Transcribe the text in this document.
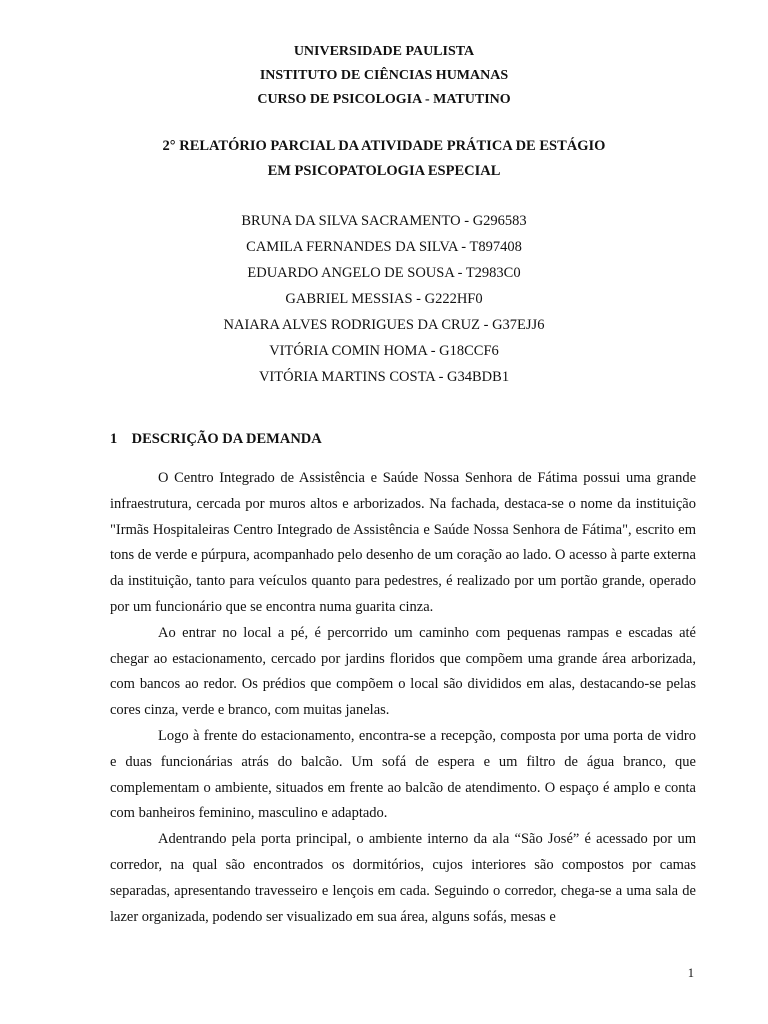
UNIVERSIDADE PAULISTA
INSTITUTO DE CIÊNCIAS HUMANAS
CURSO DE PSICOLOGIA - MATUTINO
2° RELATÓRIO PARCIAL DA ATIVIDADE PRÁTICA DE ESTÁGIO
EM PSICOPATOLOGIA ESPECIAL
BRUNA DA SILVA SACRAMENTO - G296583
CAMILA FERNANDES DA SILVA - T897408
EDUARDO ANGELO DE SOUSA - T2983C0
GABRIEL MESSIAS - G222HF0
NAIARA ALVES RODRIGUES DA CRUZ - G37EJJ6
VITÓRIA COMIN HOMA - G18CCF6
VITÓRIA MARTINS COSTA - G34BDB1
1 DESCRIÇÃO DA DEMANDA

O Centro Integrado de Assistência e Saúde Nossa Senhora de Fátima possui uma grande infraestrutura, cercada por muros altos e arborizados. Na fachada, destaca-se o nome da instituição "Irmãs Hospitaleiras Centro Integrado de Assistência e Saúde Nossa Senhora de Fátima", escrito em tons de verde e púrpura, acompanhado pelo desenho de um coração ao lado. O acesso à parte externa da instituição, tanto para veículos quanto para pedestres, é realizado por um portão grande, operado por um funcionário que se encontra numa guarita cinza.

Ao entrar no local a pé, é percorrido um caminho com pequenas rampas e escadas até chegar ao estacionamento, cercado por jardins floridos que compõem uma grande área arborizada, com bancos ao redor. Os prédios que compõem o local são divididos em alas, destacando-se pelas cores cinza, verde e branco, com muitas janelas.

Logo à frente do estacionamento, encontra-se a recepção, composta por uma porta de vidro e duas funcionárias atrás do balcão. Um sofá de espera e um filtro de água branco, que complementam o ambiente, situados em frente ao balcão de atendimento. O espaço é amplo e conta com banheiros feminino, masculino e adaptado.

Adentrando pela porta principal, o ambiente interno da ala “São José” é acessado por um corredor, na qual são encontrados os dormitórios, cujos interiores são compostos por camas separadas, apresentando travesseiro e lençois em cada. Seguindo o corredor, chega-se a uma sala de lazer organizada, podendo ser visualizado em sua área, alguns sofás, mesas e

1
